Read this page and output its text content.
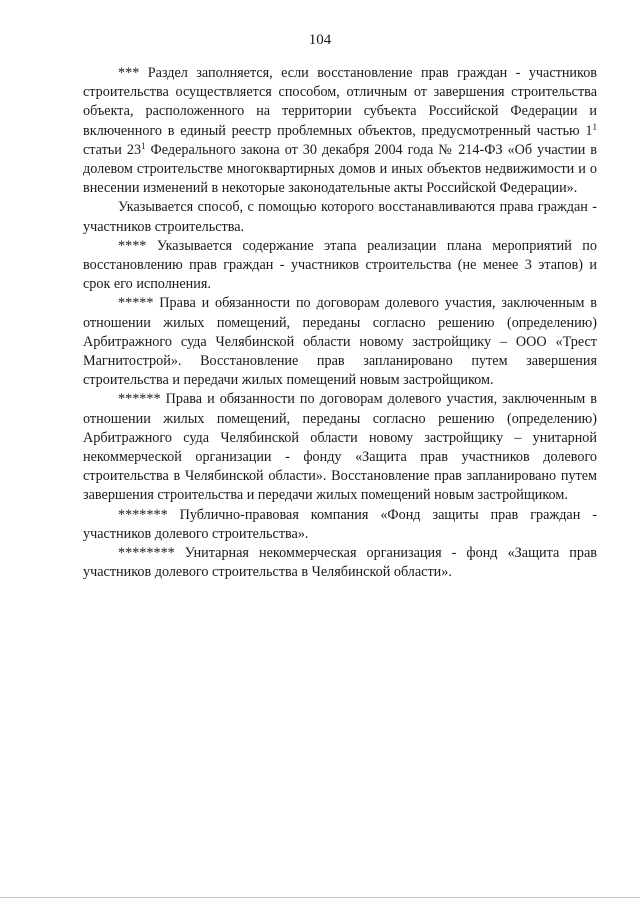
104

*** Раздел заполняется, если восстановление прав граждан - участников строительства осуществляется способом, отличным от завершения строительства объекта, расположенного на территории субъекта Российской Федерации и включенного в единый реестр проблемных объектов, предусмотренный частью $1^1$ статьи $23^1$ Федерального закона от 30 декабря 2004 года № 214-ФЗ «Об участии в долевом строительстве многоквартирных домов и иных объектов недвижимости и о внесении изменений в некоторые законодательные акты Российской Федерации».

Указывается способ, с помощью которого восстанавливаются права граждан - участников строительства.

**** Указывается содержание этапа реализации плана мероприятий по восстановлению прав граждан - участников строительства (не менее 3 этапов) и срок его исполнения.

***** Права и обязанности по договорам долевого участия, заключенным в отношении жилых помещений, переданы согласно решению (определению) Арбитражного суда Челябинской области новому застройщику – ООО «Трест Магнитострой». Восстановление прав запланировано путем завершения строительства и передачи жилых помещений новым застройщиком.

****** Права и обязанности по договорам долевого участия, заключенным в отношении жилых помещений, переданы согласно решению (определению) Арбитражного суда Челябинской области новому застройщику – унитарной некоммерческой организации - фонду «Защита прав участников долевого строительства в Челябинской области». Восстановление прав запланировано путем завершения строительства и передачи жилых помещений новым застройщиком.

******* Публично-правовая компания «Фонд защиты прав граждан - участников долевого строительства».

******** Унитарная некоммерческая организация - фонд «Защита прав участников долевого строительства в Челябинской области».
